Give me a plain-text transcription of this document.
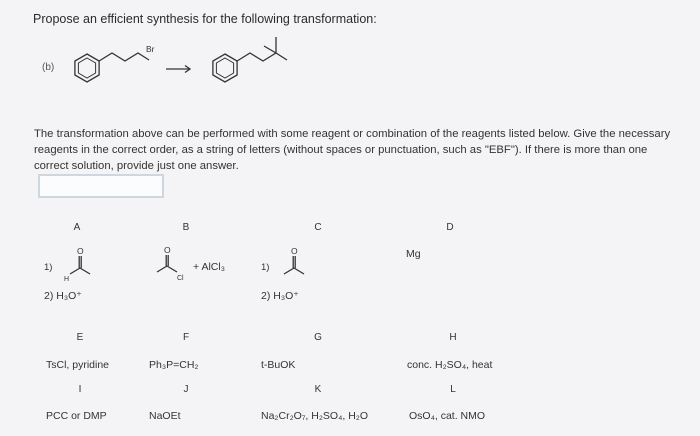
Propose an efficient synthesis for the following transformation:
(b)
Br
The transformation above can be performed with some reagent or combination of the reagents listed below. Give the necessary reagents in the correct order, as a string of letters (without spaces or punctuation, such as "EBF"). If there is more than one correct solution, provide just one answer.
A
1)
O
H
2) H₃O⁺
B
O
Cl
+ AlCl₃
C
1)
O
2) H₃O⁺
D
Mg
E
TsCl, pyridine
F
Ph₃P=CH₂
G
t-BuOK
H
conc. H₂SO₄, heat
I
PCC or DMP
J
NaOEt
K
Na₂Cr₂O₇, H₂SO₄, H₂O
L
OsO₄, cat. NMO
